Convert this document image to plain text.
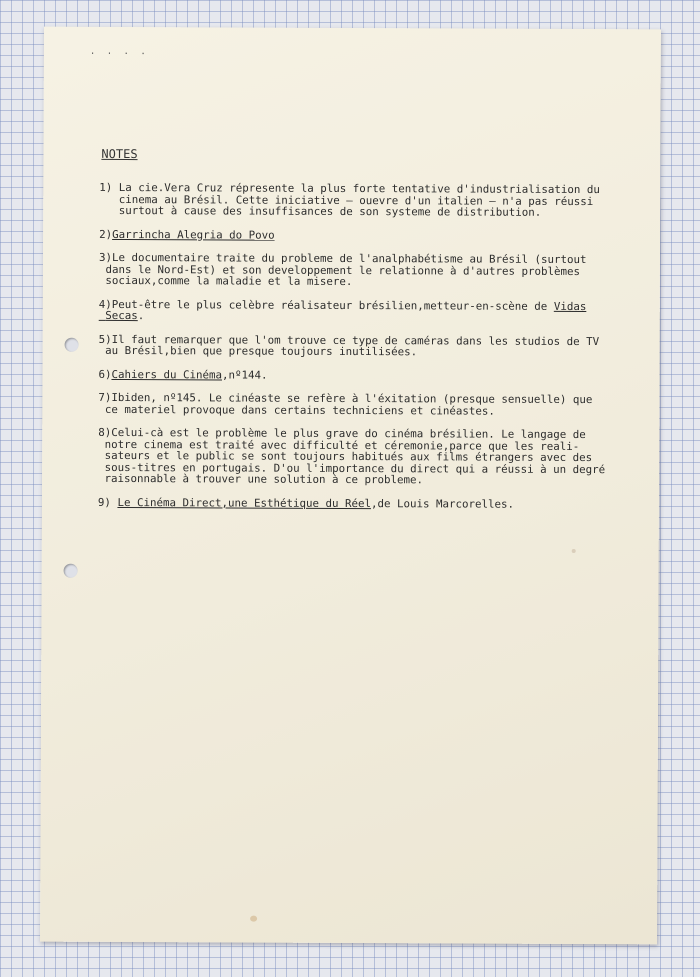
. . . .
NOTES
1) La cie.Vera Cruz répresente la plus forte tentative d'industrialisation du
cinema au Brésil. Cette iniciative — ouevre d'un italien — n'a pas réussi
surtout à cause des insuffisances de son systeme de distribution.
2)Garrincha Alegria do Povo
3)Le documentaire traite du probleme de l'analphabétisme au Brésil (surtout
dans le Nord-Est) et son developpement le relationne à d'autres problèmes
sociaux,comme la maladie et la misere.
4)Peut-être le plus celèbre réalisateur brésilien,metteur-en-scène de Vidas
Secas.
5)Il faut remarquer que l'om trouve ce type de caméras dans les studios de TV
au Brésil,bien que presque toujours inutilisées.
6)Cahiers du Cinéma,nº144.
7)Ibiden, nº145. Le cinéaste se refère à l'éxitation (presque sensuelle) que
ce materiel provoque dans certains techniciens et cinéastes.
8)Celui-cà est le problème le plus grave do cinéma brésilien. Le langage de
notre cinema est traité avec difficulté et céremonie,parce que les reali-
sateurs et le public se sont toujours habitués aux films étrangers avec des
sous-titres en portugais. D'ou l'importance du direct qui a réussi à un degré
raisonnable à trouver une solution à ce probleme.
9) Le Cinéma Direct,une Esthétique du Réel,de Louis Marcorelles.
